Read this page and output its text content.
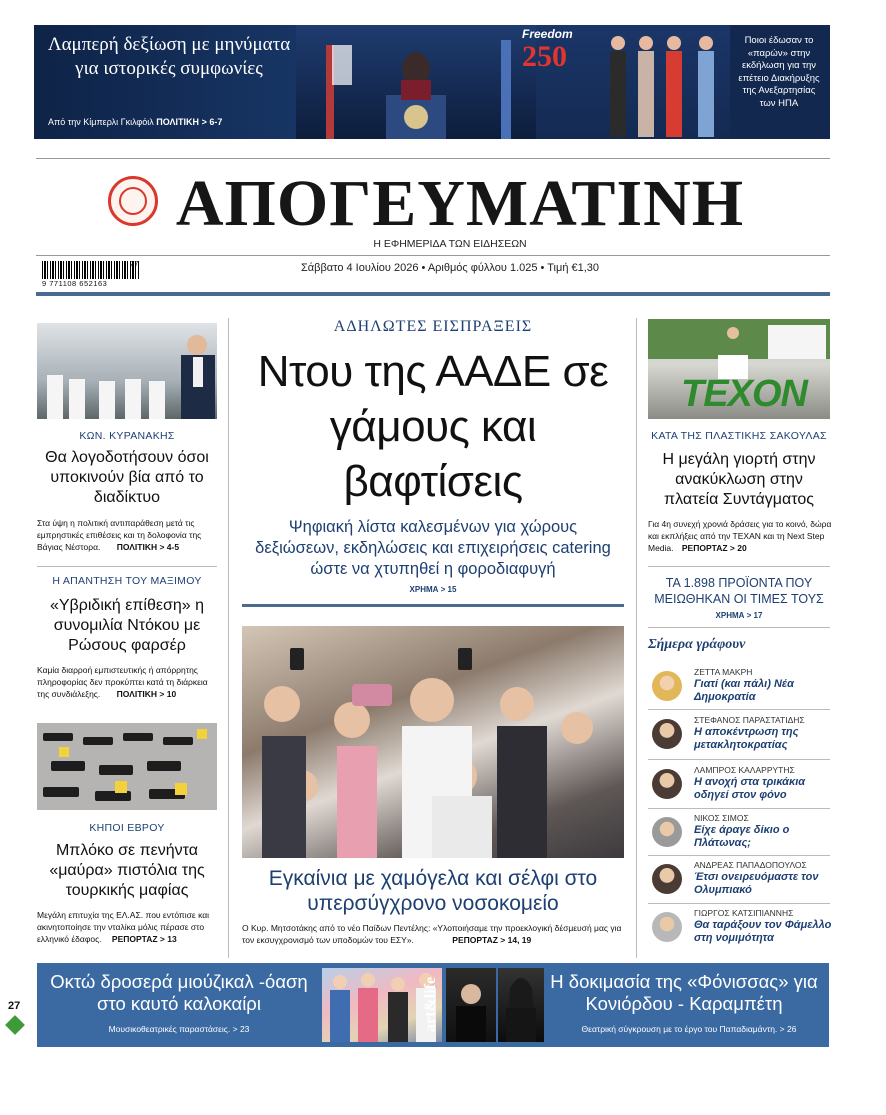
Λαμπερή δεξίωση με μηνύματα για ιστορικές συμφωνίες
Από την Κίμπερλι Γκιλφόιλ ΠΟΛΙΤΙΚΗ > 6-7
Freedom
250	Ποιοι έδωσαν το «παρών» στην εκδήλωση για την επέτειο Διακήρυξης της Ανεξαρτησίας των ΗΠΑ
ΑΠΟΓΕΥΜΑΤΙΝΗ
Η ΕΦΗΜΕΡΙΔΑ ΤΩΝ ΕΙΔΗΣΕΩΝ
9 771108 652163
27	Σάββατο 4 Ιουλίου 2026 • Αριθμός φύλλου 1.025 • Τιμή €1,30
ΚΩΝ. ΚΥΡΑΝΑΚΗΣ
Θα λογοδοτήσουν όσοι υποκινούν βία από το διαδίκτυο
Στα ύψη η πολιτική αντιπαράθεση μετά τις εμπρηστικές επιθέσεις και τη δολοφονία της Βάγιας Νέστορα. ΠΟΛΙΤΙΚΗ > 4-5
Η ΑΠΑΝΤΗΣΗ ΤΟΥ ΜΑΞΙΜΟΥ
«Υβριδική επίθεση» η συνομιλία Ντόκου με Ρώσους φαρσέρ
Καμία διαρροή εμπιστευτικής ή απόρρητης πληροφορίας δεν προκύπτει κατά τη διάρκεια της συνδιάλεξης. ΠΟΛΙΤΙΚΗ > 10
ΚΗΠΟΙ ΕΒΡΟΥ
Μπλόκο σε πενήντα «μαύρα» πιστόλια της τουρκικής μαφίας
Μεγάλη επιτυχία της ΕΛ.ΑΣ. που εντόπισε και ακινητοποίησε την νταλίκα μόλις πέρασε στο ελληνικό έδαφος. ΡΕΠΟΡΤΑΖ > 13
ΑΔΗΛΩΤΕΣ ΕΙΣΠΡΑΞΕΙΣ
Ντου της ΑΑΔΕ σε γάμους και βαφτίσεις
Ψηφιακή λίστα καλεσμένων για χώρους δεξιώσεων, εκδηλώσεις και επιχειρήσεις catering ώστε να χτυπηθεί η φοροδιαφυγή
ΧΡΗΜΑ > 15
Εγκαίνια με χαμόγελα και σέλφι στο υπερσύγχρονο νοσοκομείο
Ο Κυρ. Μητσοτάκης από το νέο Παίδων Πεντέλης: «Υλοποιήσαμε την προεκλογική δέσμευσή μας για τον εκσυγχρονισμό των υποδομών του ΕΣΥ».	ΡΕΠΟΡΤΑΖ > 14, 19
ΤΕΧΟΝ
ΚΑΤΑ ΤΗΣ ΠΛΑΣΤΙΚΗΣ ΣΑΚΟΥΛΑΣ
Η μεγάλη γιορτή στην ανακύκλωση στην πλατεία Συντάγματος
Για 4η συνεχή χρονιά δράσεις για το κοινό, δώρα και εκπλήξεις από την ΤΕΧΑΝ και τη Next Step Media. ΡΕΠΟΡΤΑΖ > 20
ΤΑ 1.898 ΠΡΟΪΟΝΤΑ ΠΟΥ ΜΕΙΩΘΗΚΑΝ ΟΙ ΤΙΜΕΣ ΤΟΥΣ
ΧΡΗΜΑ > 17
Σήμερα γράφουν
ΖΕΤΤΑ ΜΑΚΡΗ
Γιατί (και πάλι) Νέα Δημοκρατία
ΣΤΕΦΑΝΟΣ ΠΑΡΑΣΤΑΤΙΔΗΣ
Η αποκέντρωση της μετακλητοκρατίας
ΛΑΜΠΡΟΣ ΚΑΛΑΡΡΥΤΗΣ
Η ανοχή στα τρικάκια οδηγεί στον φόνο
ΝΙΚΟΣ ΣΙΜΟΣ
Είχε άραγε δίκιο ο Πλάτωνας;
ΑΝΔΡΕΑΣ ΠΑΠΑΔΟΠΟΥΛΟΣ
Έτσι ονειρευόμαστε τον Ολυμπιακό
ΓΙΩΡΓΟΣ ΚΑΤΣΙΠΙΑΝΝΗΣ
Θα ταράξουν τον Φάμελλο στη νομιμότητα
Οκτώ δροσερά μιούζικαλ -όαση στο καυτό καλοκαίρι
Μουσικοθεατρικές παραστάσεις. > 23	art&life	Η δοκιμασία της «Φόνισσας» για Κονιόρδου - Καραμπέτη
Θεατρική σύγκρουση με το έργο του Παπαδιαμάντη. > 26
27
